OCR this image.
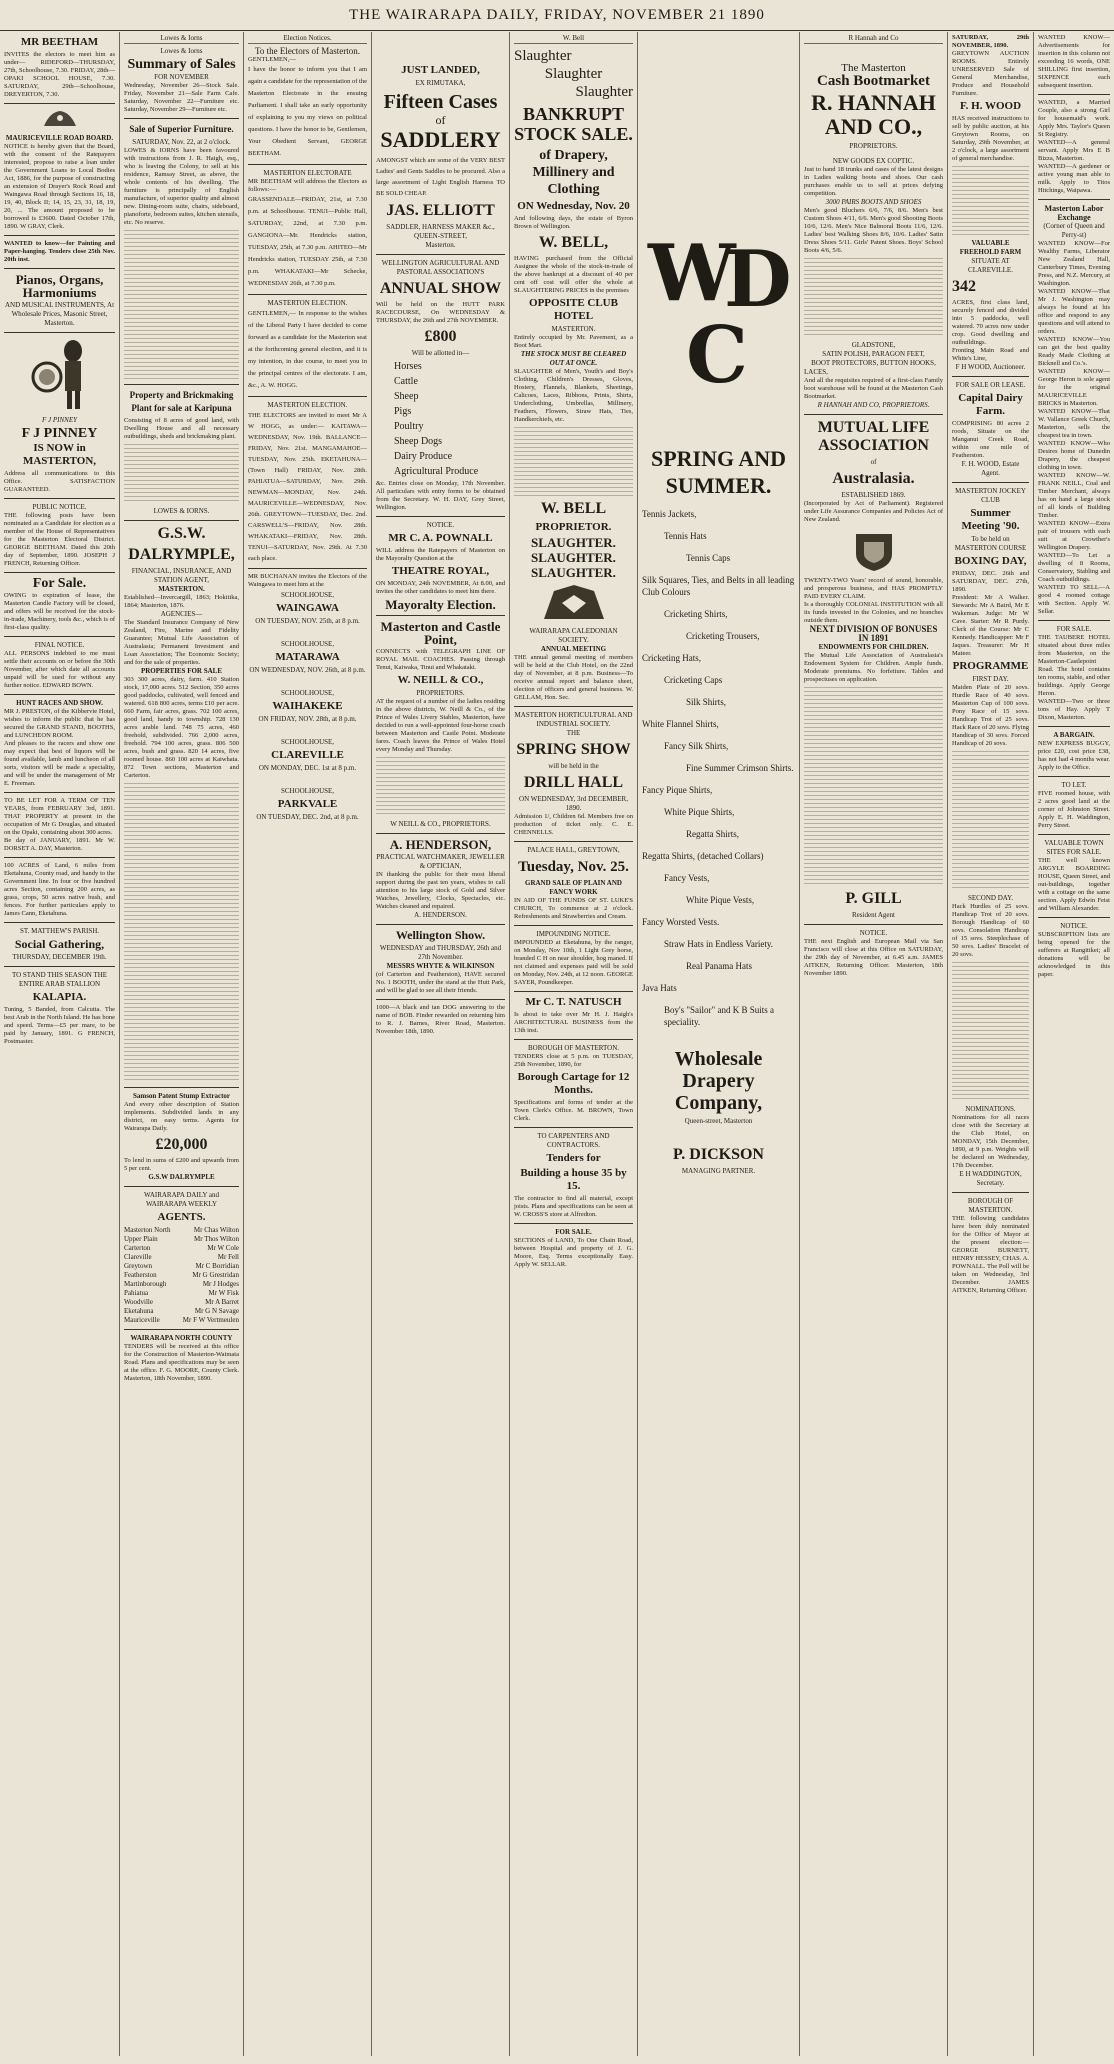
THE WAIRARAPA DAILY, FRIDAY, NOVEMBER 21 1890
MR BEETHAM
INVITES the electors to meet him as under— RIDEFORD—THURSDAY, 27th, Schoolhouse, 7.30. FRIDAY, 28th—OPAKI SCHOOL HOUSE, 7.30. SATURDAY, 29th—Schoolhouse, DREYERTON, 7.30.
MAURICEVILLE ROAD BOARD.
NOTICE is hereby given that the Board, with the consent of the Ratepayers interested, propose to raise a loan under the Government Loans to Local Bodies Act, 1886, for the purpose of constructing an extension of Drayer's Rock Road and Waingawa Road through Sections 16, 18, 19, 40, Block II; 14, 15, 23, 31, 18, 19, 20, ... The amount proposed to be borrowed is £3600. Dated October 17th, 1890. W GRAY, Clerk.
WANTED to know—for Painting and Paper-hanging. Tenders close 25th Nov. 20th inst.
Pianos, Organs, Harmoniums
AND MUSICAL INSTRUMENTS, At Wholesale Prices, Masonic Street, Masterton.
F J PINNEY
F J PINNEY
IS NOW in MASTERTON,
Address all communications to this Office. SATISFACTION GUARANTEED.
PUBLIC NOTICE.
THE following posts have been nominated as a Candidate for election as a member of the House of Representatives for the Masterton Electoral District. GEORGE BEETHAM. Dated this 20th day of September, 1890. JOSEPH J FRENCH, Returning Officer.
For Sale.
OWING to expiration of lease, the Masterton Candle Factory will be closed, and offers will be received for the stock-in-trade, Machinery, tools &c., which is of first-class quality.
FINAL NOTICE.
ALL PERSONS indebted to me must settle their accounts on or before the 30th November, after which date all accounts unpaid will be sued for without any further notice. EDWARD BOWN.
HUNT RACES AND SHOW.
MR J. PRESTON, of the Kibbervie Hotel, wishes to inform the public that he has secured the GRAND STAND, BOOTHS, and LUNCHEON ROOM.
And pleases to the racers and show one may expect that best of liquors will be found available, lamb and luncheon of all sorts, visitors will be made a speciality, and will be under the management of Mr E. Freeman.
TO BE LET FOR A TERM OF TEN YEARS, from FEBRUARY 3rd, 1891. THAT PROPERTY at present in the occupation of Mr G Douglas, and situated on the Opaki, containing about 300 acres.
Be day of JANUARY, 1891. Mr W. DORSET A. DAY, Masterton.
100 ACRES of Land, 6 miles from Eketahuna, County road, and handy to the Government line. In four or five hundred acres Section, containing 200 acres, as grass, crops, 50 acres native bush, and fences. For further particulars apply to James Cann, Eketahuna.
ST. MATTHEW'S PARISH.
Social Gathering,
THURSDAY, DECEMBER 19th.
TO STAND THIS SEASON THE ENTIRE ARAB STALLION
KALAPIA.
Tuning, 5 Banded, from Calcutta. The best Arab in the North Island. He has bone and speed. Terms—£5 per mare, to be paid by January, 1891. G FRENCH, Postmaster.
Lowes & Iorns
Lowes & Iorns
Summary of Sales
FOR NOVEMBER
Wednesday, November 26—Stock Sale. Friday, November 21—Sale Farm Cafe. Saturday, November 22—Furniture etc. Saturday, November 29—Furniture etc.
Sale of Superior Furniture.
SATURDAY, Nov. 22, at 2 o'clock.
LOWES & IORNS have been favoured with instructions from J. R. Haigh, esq., who is leaving the Colony, to sell at his residence, Ramsay Street, as above, the whole contents of his dwelling. The furniture is principally of English manufacture, of superior quality and almost new. Dining-room suite, chairs, sideboard, pianoforte, bedroom suites, kitchen utensils, etc. No reserve.
Property and Brickmaking Plant for sale at Karipuna
Consisting of 8 acres of good land, with Dwelling House and all necessary outbuildings, sheds and brickmaking plant.
LOWES & IORNS.
G.S.W.
DALRYMPLE,
FINANCIAL, INSURANCE, AND STATION AGENT,
MASTERTON.
Established—Invercargill, 1863; Hokitika, 1864; Masterton, 1876.
AGENCIES—
The Standard Insurance Company of New Zealand, Fire, Marine and Fidelity Guarantee; Mutual Life Association of Australasia; Permanent Investment and Loan Association; The Economic Society; and for the sale of properties.
PROPERTIES FOR SALE
303 300 acres, dairy, farm. 410 Station stock, 17,000 acres. 512 Section, 350 acres good paddocks, cultivated, well fenced and watered. 618 800 acres, terms £10 per acre. 660 Farm, fair acres, grass. 702 100 acres, good land, handy to township. 728 130 acres arable land. 748 75 acres, 460 freehold, subdivided. 766 2,000 acres, freehold. 794 100 acres, grass. 806 500 acres, bush and grass. 820 14 acres, five roomed house. 860 100 acres at Kaiwhata. 872 Town sections, Masterton and Carterton.
Samson Patent Stump Extractor
And every other description of Station implements. Subdivided lands in any district, on easy terms. Agents for Wairarapa Daily.
£20,000
To lend in sums of £200 and upwards from 5 per cent.
G.S.W DALRYMPLE
WAIRARAPA DAILY and WAIRARAPA WEEKLY
AGENTS.
Masterton North	Mr Chas Wilton
Upper Plain	Mr Thos Wilton
Carterton	Mr W Cole
Clareville	Mr Fell
Greytown	Mr C Borridian
Featherston	Mr G Grestridan
Martinborough	Mr J Hodges
Pahiatua	Mr W Fisk
Woodville	Mr A Barret
Eketahuna	Mr G N Savage
Mauriceville	Mr F W Vertmeulen
WAIRARAPA NORTH COUNTY
TENDERS will be received at this office for the Construction of Masterton-Waimata Road. Plans and specifications may be seen at the office. F. G. MOORE, County Clerk. Masterton, 18th November, 1890.
Election Notices.
To the Electors of Masterton.
GENTLEMEN,—
I have the honor to inform you that I am again a candidate for the representation of the Masterton Electorate in the ensuing Parliament. I shall take an early opportunity of explaining to you my views on political questions. I have the honor to be, Gentlemen, Your Obedient Servant, GEORGE BEETHAM.
MASTERTON ELECTORATE
MR BEETHAM will address the Electors as follows:—
GRASSENDALE—FRIDAY, 21st, at 7.30 p.m. at Schoolhouse. TENUI—Public Hall, SATURDAY, 22nd, at 7.30 p.m. GANGIONA—Mr. Hendricks station, TUESDAY, 25th, at 7.30 p.m. AHITEO—Mr Hendricks station, TUESDAY 25th, at 7.30 p.m. WHAKATAKI—Mr Schecke, WEDNESDAY 26th, at 7.30 p.m.
MASTERTON ELECTION.
GENTLEMEN,— In response to the wishes of the Liberal Party I have decided to come forward as a candidate for the Masterton seat at the forthcoming general election, and it is my intention, in due course, to meet you in the principal centres of the electorate. I am, &c., A. W. HOGG.
MASTERTON ELECTION.
THE ELECTORS are invited to meet Mr A W HOGG, as under:— KAITAWA—WEDNESDAY, Nov. 19th. BALLANCE—FRIDAY, Nov. 21st. MANGAMAHOE—TUESDAY, Nov. 25th. EKETAHUNA—(Town Hall) FRIDAY, Nov. 28th. PAHIATUA—SATURDAY, Nov. 29th. NEWMAN—MONDAY, Nov. 24th. MAURICEVILLE—WEDNESDAY, Nov. 26th. GREYTOWN—TUESDAY, Dec. 2nd. CARSWELL'S—FRIDAY, Nov. 28th. WHAKATAKI—FRIDAY, Nov. 28th. TENUI—SATURDAY, Nov. 29th. At 7.30 each place.
MR BUCHANAN invites the Electors of the Waingawa to meet him at the
SCHOOLHOUSE,
WAINGAWA
ON TUESDAY, NOV. 25th, at 8 p.m.
SCHOOLHOUSE,
MATARAWA
ON WEDNESDAY, NOV. 26th, at 8 p.m.
SCHOOLHOUSE,
WAIHAKEKE
ON FRIDAY, NOV. 28th, at 8 p.m.
SCHOOLHOUSE,
CLAREVILLE
ON MONDAY, DEC. 1st at 8 p.m.
SCHOOLHOUSE,
PARKVALE
ON TUESDAY, DEC. 2nd, at 8 p.m.
JUST LANDED,
EX RIMUTAKA,
Fifteen Cases
of
SADDLERY
AMONGST which are some of the VERY BEST Ladies' and Gents Saddles to be procured. Also a large assortment of Light English Harness TO BE SOLD CHEAP.
JAS. ELLIOTT
SADDLER, HARNESS MAKER &c.,
QUEEN-STREET,
Masterton.
WELLINGTON AGRICULTURAL AND PASTORAL ASSOCIATION'S
ANNUAL SHOW
Will be held on the HUTT PARK RACECOURSE, On WEDNESDAY & THURSDAY, the 26th and 27th NOVEMBER.
£800
Will be allotted in—
Horses
Cattle
Sheep
Pigs
Poultry
Sheep Dogs
Dairy Produce
Agricultural Produce
&c. Entries close on Monday, 17th November. All particulars with entry forms to be obtained from the Secretary. W. H. DAY, Grey Street, Wellington.
NOTICE.
MR C. A. POWNALL
WILL address the Ratepayers of Masterton on the Mayoralty Question at the
THEATRE ROYAL,
ON MONDAY, 24th NOVEMBER, At 8.00, and invites the other candidates to meet him there.
Mayoralty Election.
Masterton and Castle Point,
CONNECTS with TELEGRAPH LINE OF ROYAL MAIL COACHES. Passing through Tenui, Kaiwaka, Tinui and Whakataki.
W. NEILL & CO.,
PROPRIETORS.
AT the request of a number of the ladies residing in the above districts, W. Neill & Co., of the Prince of Wales Livery Stables, Masterton, have decided to run a well-appointed four-horse coach between Masterton and Castle Point. Moderate fares. Coach leaves the Prince of Wales Hotel every Monday and Thursday.
W NEILL & CO., PROPRIETORS.
A. HENDERSON,
PRACTICAL WATCHMAKER, JEWELLER & OPTICIAN,
IN thanking the public for their most liberal support during the past ten years, wishes to call attention to his large stock of Gold and Silver Watches, Jewellery, Clocks, Spectacles, etc. Watches cleaned and repaired.
A. HENDERSON.
Wellington Show.
WEDNESDAY and THURSDAY, 26th and 27th November.
MESSRS WHYTE & WILKINSON
(of Carterton and Featherston), HAVE secured No. 1 BOOTH, under the stand at the Hutt Park, and will be glad to see all their friends.
1000—A black and tan DOG answering to the name of BOB. Finder rewarded on returning him to R. J. Barnes, River Road, Masterton. November 18th, 1890.
W. Bell
Slaughter
Slaughter
Slaughter
BANKRUPT STOCK SALE.
of Drapery, Millinery and Clothing
ON Wednesday, Nov. 20
And following days, the estate of Byron Brown of Wellington.
W. BELL,
HAVING purchased from the Official Assignee the whole of the stock-in-trade of the above bankrupt at a discount of 40 per cent off cost will offer the whole at SLAUGHTERING PRICES in the premises
OPPOSITE CLUB HOTEL
MASTERTON.
Entirely occupied by Mr. Pavement, as a Boot Mart.
THE STOCK MUST BE CLEARED OUT AT ONCE.
SLAUGHTER of Men's, Youth's and Boy's Clothing, Children's Dresses, Gloves, Hosiery, Flannels, Blankets, Sheetings, Calicoes, Laces, Ribbons, Prints, Shirts, Underclothing, Umbrellas, Millinery, Feathers, Flowers, Straw Hats, Ties, Handkerchiefs, etc.
W. BELL
PROPRIETOR.
SLAUGHTER.
SLAUGHTER.
SLAUGHTER.
WAIRARAPA CALEDONIAN SOCIETY.
ANNUAL MEETING
THE annual general meeting of members will be held at the Club Hotel, on the 22nd day of November, at 8 p.m. Business—To receive annual report and balance sheet, election of officers and general business. W. GELLAM, Hon. Sec.
MASTERTON HORTICULTURAL AND INDUSTRIAL SOCIETY.
THE
SPRING SHOW
will be held in the
DRILL HALL
ON WEDNESDAY, 3rd DECEMBER, 1890.
Admission 1/, Children 6d. Members free on production of ticket only. C. E. CHENNELLS.
PALACE HALL, GREYTOWN,
Tuesday, Nov. 25.
GRAND SALE OF PLAIN AND FANCY WORK
IN AID OF THE FUNDS OF ST. LUKE'S CHURCH, To commence at 2 o'clock. Refreshments and Strawberries and Cream.
IMPOUNDING NOTICE.
IMPOUNDED at Eketahuna, by the ranger, on Monday, Nov 10th, 1 Light Grey horse, branded C H on near shoulder, hog maned. If not claimed and expenses paid will be sold on Monday, Nov. 24th, at 12 noon. GEORGE SAYER, Poundkeeper.
Mr C. T. NATUSCH
Is about to take over Mr H. J. Haigh's ARCHITECTURAL BUSINESS from the 13th inst.
BOROUGH OF MASTERTON.
TENDERS close at 5 p.m. on TUESDAY, 25th November, 1890, for
Borough Cartage for 12 Months.
Specifications and forms of tender at the Town Clerk's Office. M. BROWN, Town Clerk.
TO CARPENTERS AND CONTRACTORS.
Tenders for
Building a house 35 by 15.
The contractor to find all material, except joists. Plans and specifications can be seen at W. CROSS'S store at Alfredton.
FOR SALE.
SECTIONS of LAND, To One Chain Road, between Hospital and property of J. G. Moore, Esq. Terms exceptionally Easy. Apply W. SELLAR.
W
D
C
SPRING AND
SUMMER.
Tennis Jackets,
Tennis Hats
Tennis Caps
Silk Squares, Ties, and Belts in all leading Club Colours
Cricketing Shirts,
Cricketing Trousers,
Cricketing Hats,
Cricketing Caps
Silk Shirts,
White Flannel Shirts,
Fancy Silk Shirts,
Fine Summer Crimson Shirts.
Fancy Pique Shirts,
White Pique Shirts,
Regatta Shirts,
Regatta Shirts, (detached Collars)
Fancy Vests,
White Pique Vests,
Fancy Worsted Vests.
Straw Hats in Endless Variety.
Real Panama Hats
Java Hats
Boy's "Sailor" and K B Suits a speciality.
Wholesale Drapery Company,
Queen-street, Masterton
P. DICKSON
MANAGING PARTNER.
R Hannah and Co
The Masterton
Cash Bootmarket
R. HANNAH AND CO.,
PROPRIETORS.
NEW GOODS EX COPTIC.
Just to hand 18 trunks and cases of the latest designs in Ladies walking boots and shoes. Our cash purchases enable us to sell at prices defying competition.
3000 PAIRS BOOTS AND SHOES
Men's good Bluchers 6/6, 7/6, 8/6. Men's best Custom Shoes 4/11, 6/6. Men's good Shooting Boots 10/6, 12/6. Men's Nice Balmoral Boots 11/6, 12/6. Ladies' best Walking Shoes 8/6, 10/6. Ladies' Satin Dress Shoes 5/11. Girls' Patent Shoes. Boys' School Boots 4/6, 5/6.
GLADSTONE,
SATIN POLISH, PARAGON FEET,
BOOT PROTECTORS, BUTTON HOOKS,
LACES,
And all the requisites required of a first-class Family boot warehouse will be found at the Masterton Cash Bootmarket.
R HANNAH AND CO, PROPRIETORS.
MUTUAL LIFE ASSOCIATION
of
Australasia.
ESTABLISHED 1869.
(Incorporated by Act of Parliament). Registered under Life Assurance Companies and Policies Act of New Zealand.
TWENTY-TWO Years' record of sound, honorable, and prosperous business, and HAS PROMPTLY PAID EVERY CLAIM.
Is a thoroughly COLONIAL INSTITUTION with all its funds invested in the Colonies, and no branches outside them.
NEXT DIVISION OF BONUSES IN 1891
ENDOWMENTS FOR CHILDREN.
The Mutual Life Association of Australasia's Endowment System for Children. Ample funds. Moderate premiums. No forfeiture. Tables and prospectuses on application.
P. GILL
Resident Agent
NOTICE.
THE next English and European Mail via San Francisco will close at this Office on SATURDAY, the 29th day of November, at 6.45 a.m. JAMES AITKEN, Returning Officer. Masterton, 18th November 1890.
SATURDAY, 29th NOVEMBER, 1890.
GREYTOWN AUCTION ROOMS. Entirely UNRESERVED Sale of General Merchandise, Produce and Household Furniture.
F. H. WOOD
HAS received instructions to sell by public auction, at his Greytown Rooms, on Saturday, 29th November, at 2 o'clock, a large assortment of general merchandise.
VALUABLE FREEHOLD FARM
SITUATE AT CLAREVILLE.
342
ACRES, first class land, securely fenced and divided into 5 paddocks, well watered. 70 acres now under crop. Good dwelling and outbuildings.
Fronting Main Road and White's Line,
F H WOOD, Auctioneer.
FOR SALE OR LEASE.
Capital Dairy Farm.
COMPRISING 80 acres 2 roods, Situate on the Manganui Creek Road, within one mile of Featherston.
F. H. WOOD, Estate Agent.
MASTERTON JOCKEY CLUB
Summer Meeting '90.
To be held on MASTERTON COURSE
BOXING DAY,
FRIDAY, DEC. 26th and SATURDAY, DEC. 27th, 1890.
President: Mr A Walker. Stewards: Mr A Baird, Mr E Wakeman. Judge: Mr W Cave. Starter: Mr R Purdy. Clerk of the Course: Mr C Kennedy. Handicapper: Mr F Jaques. Treasurer: Mr H Mateer.
PROGRAMME
FIRST DAY.
Maiden Plate of 20 sovs. Hurdle Race of 40 sovs. Masterton Cup of 100 sovs. Pony Race of 15 sovs. Handicap Trot of 25 sovs. Hack Race of 20 sovs. Flying Handicap of 30 sovs. Forced Handicap of 20 sovs.
SECOND DAY.
Hack Hurdles of 25 sovs. Handicap Trot of 20 sovs. Borough Handicap of 60 sovs. Consolation Handicap of 15 sovs. Steeplechase of 50 sovs. Ladies' Bracelet of 20 sovs.
NOMINATIONS.
Nominations for all races close with the Secretary at the Club Hotel, on MONDAY, 15th December, 1890, at 9 p.m. Weights will be declared on Wednesday, 17th December.
E H WADDINGTON, Secretary.
BOROUGH OF MASTERTON.
THE following candidates have been duly nominated for the Office of Mayor at the present election:— GEORGE BURNETT, HENRY HESSEY, CHAS. A. POWNALL. The Poll will be taken on Wednesday, 3rd December. JAMES AITKEN, Returning Officer.
WANTED KNOW—Advertisements for insertion in this column not exceeding 16 words, ONE SHILLING first insertion, SIXPENCE each subsequent insertion.
WANTED, a Married Couple, also a strong Girl for housemaid's work. Apply Mrs. Taylor's Queen St Registry.
WANTED—A general servant. Apply Mrs E B Bizza, Masterton.
WANTED—A gardener or active young man able to milk. Apply to Titos Hitchings, Waipawa.
Masterton Labor Exchange
(Corner of Queen and Perry-st)
WANTED KNOW—For Wealthy Farms, Liberator New Zealand Hall, Canterbury Times, Evening Press, and N.Z. Mercury, at Washington.
WANTED KNOW—That Mr J. Washington may always be found at his office and respond to any questions and will attend to orders.
WANTED KNOW—You can get the best quality Ready Made Clothing at Bicknell and Co.'s.
WANTED KNOW—George Heron is sole agent for the original MAURICEVILLE BRICKS in Masterton.
WANTED KNOW—That W. Vallance Greek Church, Masterton, sells the cheapest tea in town.
WANTED KNOW—Who Desires home of Dunedin Drapery, the cheapest clothing in town.
WANTED KNOW—W. FRANK NEILL, Coal and Timber Merchant, always has on hand a large stock of all kinds of Building Timber.
WANTED KNOW—Extra pair of trousers with each suit at Crowther's Wellington Drapery.
WANTED—To Let a dwelling of 8 Rooms, Conservatory, Stabling and Coach outbuildings.
WANTED TO SELL—A good 4 roomed cottage with Section. Apply W. Sellar.
FOR SALE.
THE TAUBERE HOTEL situated about three miles from Masterton, on the Masterton-Castlepoint Road. The hotel contains ten rooms, stable, and other buildings. Apply George Heron.
WANTED—Two or three tons of Hay. Apply T Dixon, Masterton.
A BARGAIN.
NEW EXPRESS BUGGY, price £20, cost price £38, has not had 4 months wear. Apply to the Office.
TO LET.
FIVE roomed house, with 2 acres good land at the corner of Johnston Street. Apply E. H. Waddington, Perry Street.
VALUABLE TOWN SITES FOR SALE.
THE well known ARGYLE BOARDING HOUSE, Queen Street, and out-buildings, together with a cottage on the same section. Apply Edwin Feist and William Alexander.
NOTICE.
SUBSCRIPTION lists are being opened for the sufferers at Rangitikei; all donations will be acknowledged in this paper.
